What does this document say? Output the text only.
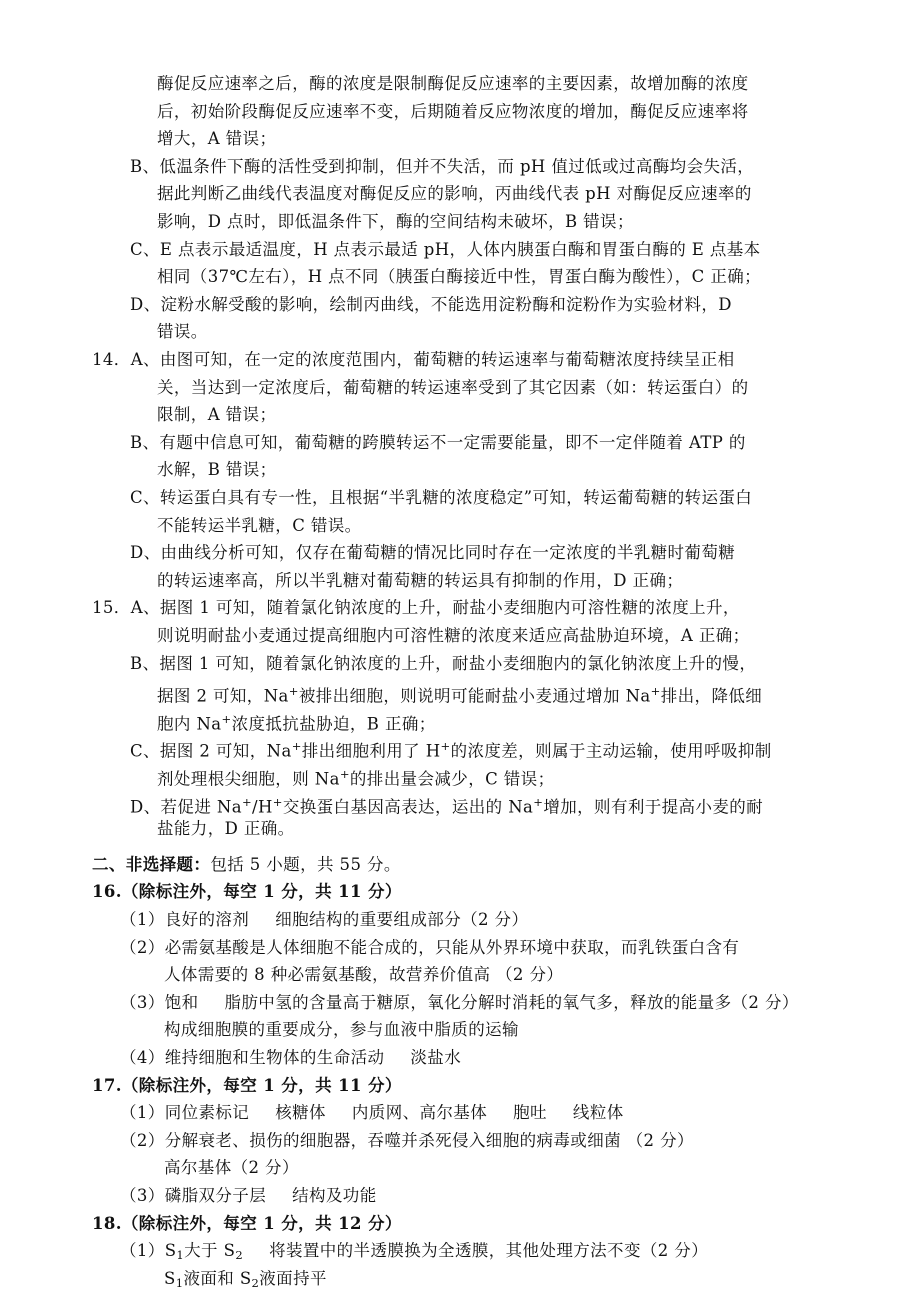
酶促反应速率之后，酶的浓度是限制酶促反应速率的主要因素，故增加酶的浓度
后，初始阶段酶促反应速率不变，后期随着反应物浓度的增加，酶促反应速率将
增大，A 错误；
B、低温条件下酶的活性受到抑制，但并不失活，而 pH 值过低或过高酶均会失活，
据此判断乙曲线代表温度对酶促反应的影响，丙曲线代表 pH 对酶促反应速率的
影响，D 点时，即低温条件下，酶的空间结构未破坏，B 错误；
C、E 点表示最适温度，H 点表示最适 pH，人体内胰蛋白酶和胃蛋白酶的 E 点基本
相同（37℃左右），H 点不同（胰蛋白酶接近中性，胃蛋白酶为酸性），C 正确；
D、淀粉水解受酸的影响，绘制丙曲线，不能选用淀粉酶和淀粉作为实验材料，D
错误。
14．A、由图可知，在一定的浓度范围内，葡萄糖的转运速率与葡萄糖浓度持续呈正相
关，当达到一定浓度后，葡萄糖的转运速率受到了其它因素（如：转运蛋白）的
限制，A 错误；
B、有题中信息可知，葡萄糖的跨膜转运不一定需要能量，即不一定伴随着 ATP 的
水解，B 错误；
C、转运蛋白具有专一性，且根据“半乳糖的浓度稳定”可知，转运葡萄糖的转运蛋白
不能转运半乳糖，C 错误。
D、由曲线分析可知，仅存在葡萄糖的情况比同时存在一定浓度的半乳糖时葡萄糖
的转运速率高，所以半乳糖对葡萄糖的转运具有抑制的作用，D 正确；
15．A、据图 1 可知，随着氯化钠浓度的上升，耐盐小麦细胞内可溶性糖的浓度上升，
则说明耐盐小麦通过提高细胞内可溶性糖的浓度来适应高盐胁迫环境，A 正确；
B、据图 1 可知，随着氯化钠浓度的上升，耐盐小麦细胞内的氯化钠浓度上升的慢，
据图 2 可知，Na+被排出细胞，则说明可能耐盐小麦通过增加 Na+排出，降低细
胞内 Na+浓度抵抗盐胁迫，B 正确；
C、据图 2 可知，Na+排出细胞利用了 H+的浓度差，则属于主动运输，使用呼吸抑制
剂处理根尖细胞，则 Na+的排出量会减少，C 错误；
D、若促进 Na+/H+交换蛋白基因高表达，运出的 Na+增加，则有利于提高小麦的耐
盐能力，D 正确。
二、非选择题：包括 5 小题，共 55 分。
16.（除标注外，每空 1 分，共 11 分）
（1）良好的溶剂 细胞结构的重要组成部分（2 分）
（2）必需氨基酸是人体细胞不能合成的，只能从外界环境中获取，而乳铁蛋白含有
人体需要的 8 种必需氨基酸，故营养价值高 （2 分）
（3）饱和 脂肪中氢的含量高于糖原，氧化分解时消耗的氧气多，释放的能量多（2 分）
构成细胞膜的重要成分，参与血液中脂质的运输
（4）维持细胞和生物体的生命活动 淡盐水
17.（除标注外，每空 1 分，共 11 分）
（1）同位素标记 核糖体 内质网、高尔基体 胞吐 线粒体
（2）分解衰老、损伤的细胞器，吞噬并杀死侵入细胞的病毒或细菌 （2 分）
高尔基体（2 分）
（3）磷脂双分子层 结构及功能
18.（除标注外，每空 1 分，共 12 分）
$(1)S_1$大于 $S_2$ 将装置中的半透膜换为全透膜，其他处理方法不变（2 分）
$S_1$液面和 $S_2$液面持平
